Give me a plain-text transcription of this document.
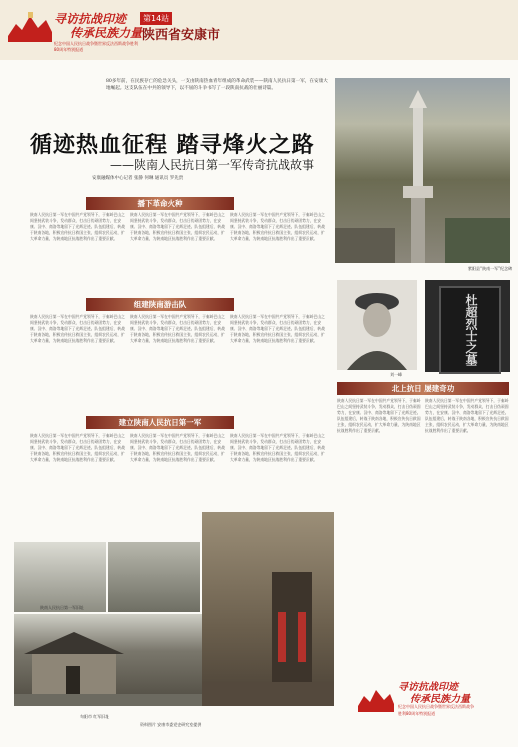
寻访抗战印迹
传承民族力量
第14站
陕西省安康市
纪念中国人民抗日战争暨世界反法西斯战争胜利
80周年特别报道
80多年前，在民族存亡的危急关头，一支由陕南热血青年组成的革命武装——陕南人民抗日第一军，在安康大地崛起。这支队伍在中共的领导下，以不屈的斗争书写了一段陕南抗战的壮丽诗篇。
循迹热血征程 踏寻烽火之路
——陕南人民抗日第一军传奇抗战故事
安康融媒体中心记者 张静 何琳 通讯员 罗先贵
紫阳县“陕南一军”纪念碑
播下革命火种
陕南人民抗日第一军在中国共产党领导下，于秦岭巴山之间坚持武装斗争，发动群众，打击日伪顽固势力，在安康、汉中、商洛等地留下了光辉足迹。队伍组建后，转战于陕南各地，积极宣传抗日救国主张，组织农民运动，扩大革命力量，为陕南地区抗战胜利作出了重要贡献。
陕南人民抗日第一军在中国共产党领导下，于秦岭巴山之间坚持武装斗争，发动群众，打击日伪顽固势力，在安康、汉中、商洛等地留下了光辉足迹。队伍组建后，转战于陕南各地，积极宣传抗日救国主张，组织农民运动，扩大革命力量，为陕南地区抗战胜利作出了重要贡献。
陕南人民抗日第一军在中国共产党领导下，于秦岭巴山之间坚持武装斗争，发动群众，打击日伪顽固势力，在安康、汉中、商洛等地留下了光辉足迹。队伍组建后，转战于陕南各地，积极宣传抗日救国主张，组织农民运动，扩大革命力量，为陕南地区抗战胜利作出了重要贡献。
组建陕南游击队
陕南人民抗日第一军在中国共产党领导下，于秦岭巴山之间坚持武装斗争，发动群众，打击日伪顽固势力，在安康、汉中、商洛等地留下了光辉足迹。队伍组建后，转战于陕南各地，积极宣传抗日救国主张，组织农民运动，扩大革命力量，为陕南地区抗战胜利作出了重要贡献。
陕南人民抗日第一军在中国共产党领导下，于秦岭巴山之间坚持武装斗争，发动群众，打击日伪顽固势力，在安康、汉中、商洛等地留下了光辉足迹。队伍组建后，转战于陕南各地，积极宣传抗日救国主张，组织农民运动，扩大革命力量，为陕南地区抗战胜利作出了重要贡献。
陕南人民抗日第一军在中国共产党领导下，于秦岭巴山之间坚持武装斗争，发动群众，打击日伪顽固势力，在安康、汉中、商洛等地留下了光辉足迹。队伍组建后，转战于陕南各地，积极宣传抗日救国主张，组织农民运动，扩大革命力量，为陕南地区抗战胜利作出了重要贡献。
刘一峰
杜超烈士之墓
建立陕南人民抗日第一军
陕南人民抗日第一军在中国共产党领导下，于秦岭巴山之间坚持武装斗争，发动群众，打击日伪顽固势力，在安康、汉中、商洛等地留下了光辉足迹。队伍组建后，转战于陕南各地，积极宣传抗日救国主张，组织农民运动，扩大革命力量，为陕南地区抗战胜利作出了重要贡献。
陕南人民抗日第一军在中国共产党领导下，于秦岭巴山之间坚持武装斗争，发动群众，打击日伪顽固势力，在安康、汉中、商洛等地留下了光辉足迹。队伍组建后，转战于陕南各地，积极宣传抗日救国主张，组织农民运动，扩大革命力量，为陕南地区抗战胜利作出了重要贡献。
陕南人民抗日第一军在中国共产党领导下，于秦岭巴山之间坚持武装斗争，发动群众，打击日伪顽固势力，在安康、汉中、商洛等地留下了光辉足迹。队伍组建后，转战于陕南各地，积极宣传抗日救国主张，组织农民运动，扩大革命力量，为陕南地区抗战胜利作出了重要贡献。
北上抗日 屡建奇功
陕南人民抗日第一军在中国共产党领导下，于秦岭巴山之间坚持武装斗争，发动群众，打击日伪顽固势力，在安康、汉中、商洛等地留下了光辉足迹。队伍组建后，转战于陕南各地，积极宣传抗日救国主张，组织农民运动，扩大革命力量，为陕南地区抗战胜利作出了重要贡献。
陕南人民抗日第一军在中国共产党领导下，于秦岭巴山之间坚持武装斗争，发动群众，打击日伪顽固势力，在安康、汉中、商洛等地留下了光辉足迹。队伍组建后，转战于陕南各地，积极宣传抗日救国主张，组织农民运动，扩大革命力量，为陕南地区抗战胜利作出了重要贡献。
陕南人民抗日第一军旧址
旬阳市 红军旧址
资料图片 安康市委党史研究室提供
寻访抗战印迹
传承民族力量
纪念中国人民抗日战争暨世界反法西斯战争
胜利80周年特别报道
